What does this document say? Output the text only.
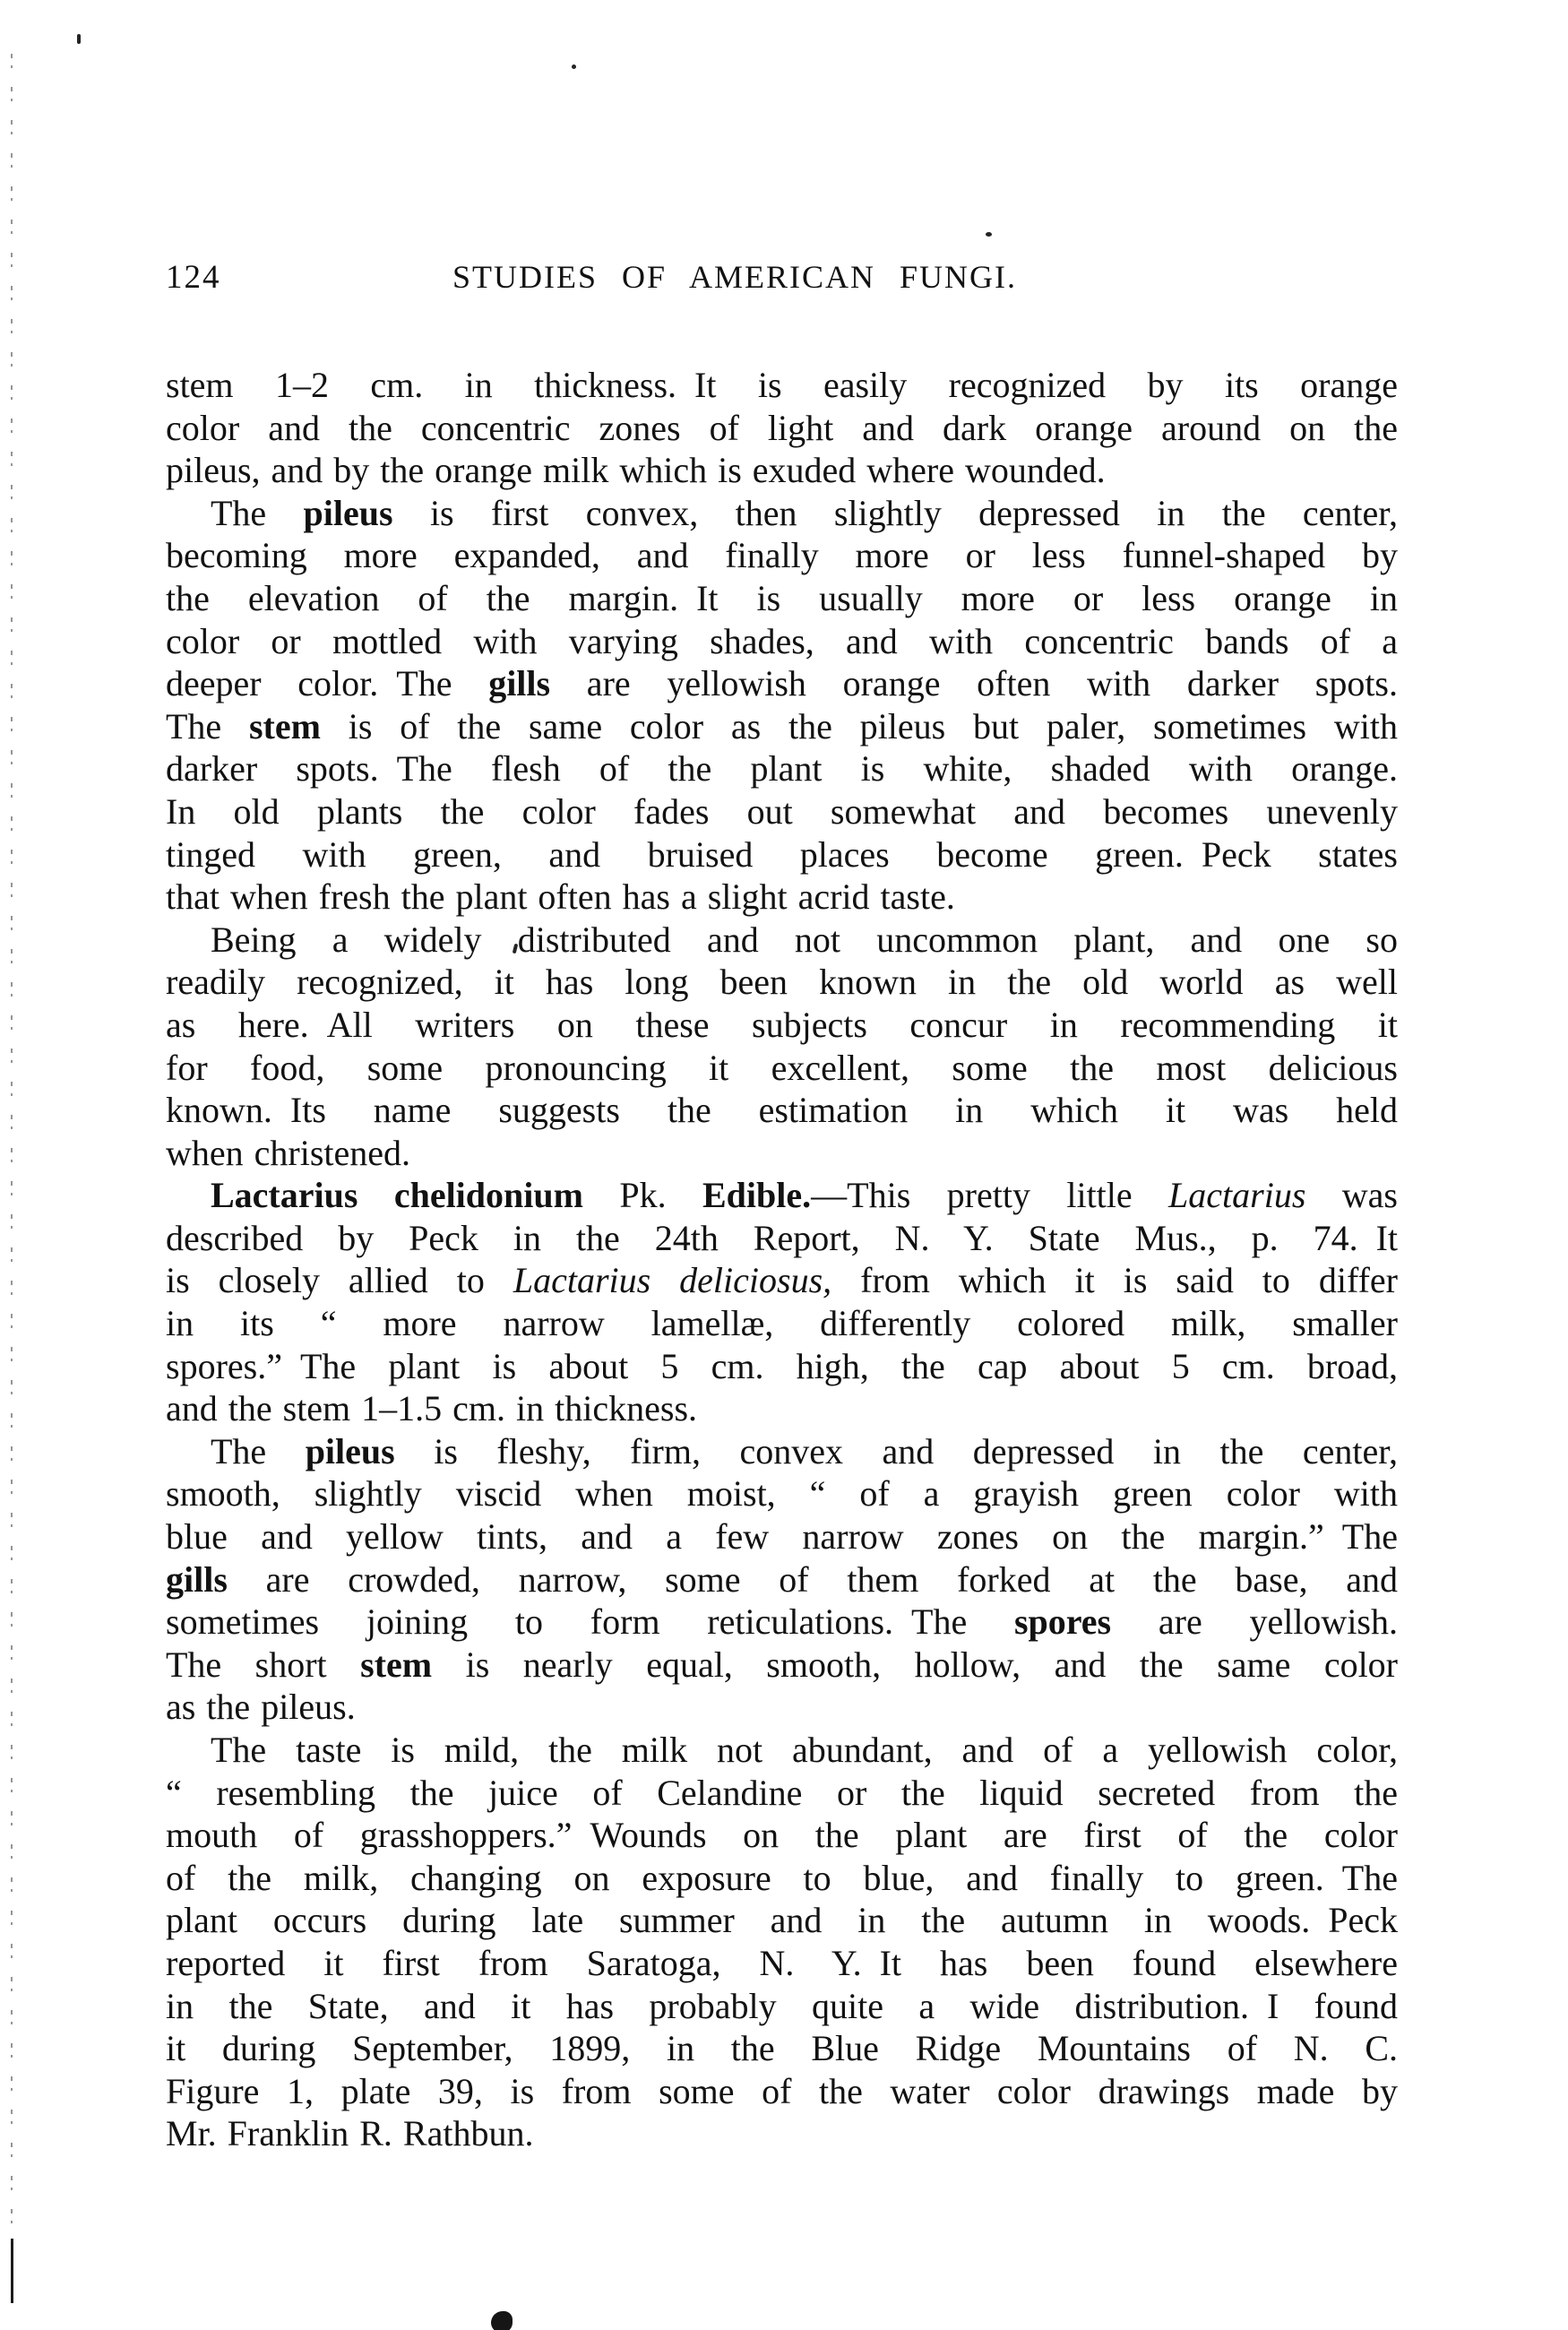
124	STUDIES OF AMERICAN FUNGI.
stem 1–2 cm. in thickness. It is easily recognized by its orange
color and the concentric zones of light and dark orange around on the
pileus, and by the orange milk which is exuded where wounded.
The pileus is first convex, then slightly depressed in the center,
becoming more expanded, and finally more or less funnel-shaped by
the elevation of the margin. It is usually more or less orange in
color or mottled with varying shades, and with concentric bands of a
deeper color. The gills are yellowish orange often with darker spots.
The stem is of the same color as the pileus but paler, sometimes with
darker spots. The flesh of the plant is white, shaded with orange.
In old plants the color fades out somewhat and becomes unevenly
tinged with green, and bruised places become green. Peck states
that when fresh the plant often has a slight acrid taste.
Being a widely distributed and not uncommon plant, and one so
readily recognized, it has long been known in the old world as well
as here. All writers on these subjects concur in recommending it
for food, some pronouncing it excellent, some the most delicious
known. Its name suggests the estimation in which it was held
when christened.
Lactarius chelidonium Pk. Edible.—This pretty little Lactarius was
described by Peck in the 24th Report, N. Y. State Mus., p. 74. It
is closely allied to Lactarius deliciosus, from which it is said to differ
in its “ more narrow lamellæ, differently colored milk, smaller
spores.” The plant is about 5 cm. high, the cap about 5 cm. broad,
and the stem 1–1.5 cm. in thickness.
The pileus is fleshy, firm, convex and depressed in the center,
smooth, slightly viscid when moist, “ of a grayish green color with
blue and yellow tints, and a few narrow zones on the margin.” The
gills are crowded, narrow, some of them forked at the base, and
sometimes joining to form reticulations. The spores are yellowish.
The short stem is nearly equal, smooth, hollow, and the same color
as the pileus.
The taste is mild, the milk not abundant, and of a yellowish color,
“ resembling the juice of Celandine or the liquid secreted from the
mouth of grasshoppers.” Wounds on the plant are first of the color
of the milk, changing on exposure to blue, and finally to green. The
plant occurs during late summer and in the autumn in woods. Peck
reported it first from Saratoga, N. Y. It has been found elsewhere
in the State, and it has probably quite a wide distribution. I found
it during September, 1899, in the Blue Ridge Mountains of N. C.
Figure 1, plate 39, is from some of the water color drawings made by
Mr. Franklin R. Rathbun.
